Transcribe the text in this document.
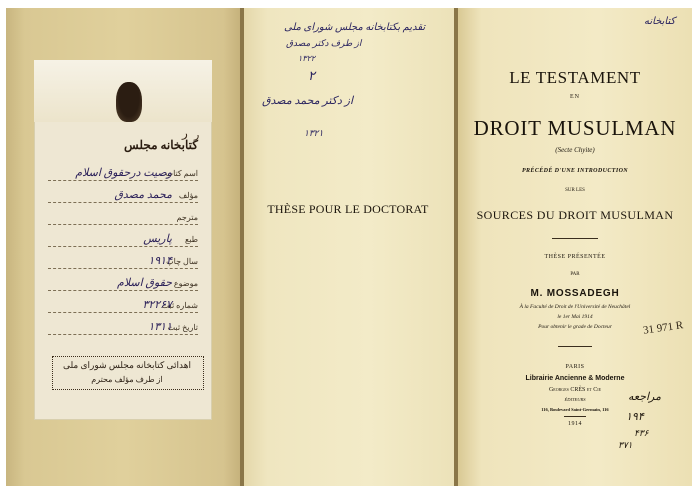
کتابخانه مجلس
ر
اسم کتاب
وصیت درحقوق اسلام
مؤلف
محمد مصدق
مترجم
طبع
پاریس
سال چاپ
۱۹۱۴
موضوع
حقوق اسلام
شماره ثبت
۳۲۲۶۷
تاریخ ثبت
۱۳۱۱
اهدائی کتابخانه مجلس شورای ملی
از طرف مؤلف محترم
ر
تقدیم بکتابخانه مجلس شورای ملی
از طرف دکتر مصدق
۱۳۲۲
۲
از دکتر محمد مصدق
۱۳۲۱
THÈSE POUR LE DOCTORAT
کتابخانه
LE TESTAMENT
EN
DROIT MUSULMAN
(Secte Chyite)
PRÉCÉDÉ D'UNE INTRODUCTION
SUR LES
SOURCES DU DROIT MUSULMAN
THÈSE PRÉSENTÉE
PAR
M. MOSSADEGH
À la Faculté de Droit de l'Université de Neuchâtel
le 1er Mai 1914
Pour obtenir le grade de Docteur
PARIS
Librairie Ancienne & Moderne
Georges CRÈS et Cie
ÉDITEURS
116, Boulevard Saint-Germain, 116
1914
31 971 R
مراجعه
۱۹۴
۴۳۶
۳۷۱
